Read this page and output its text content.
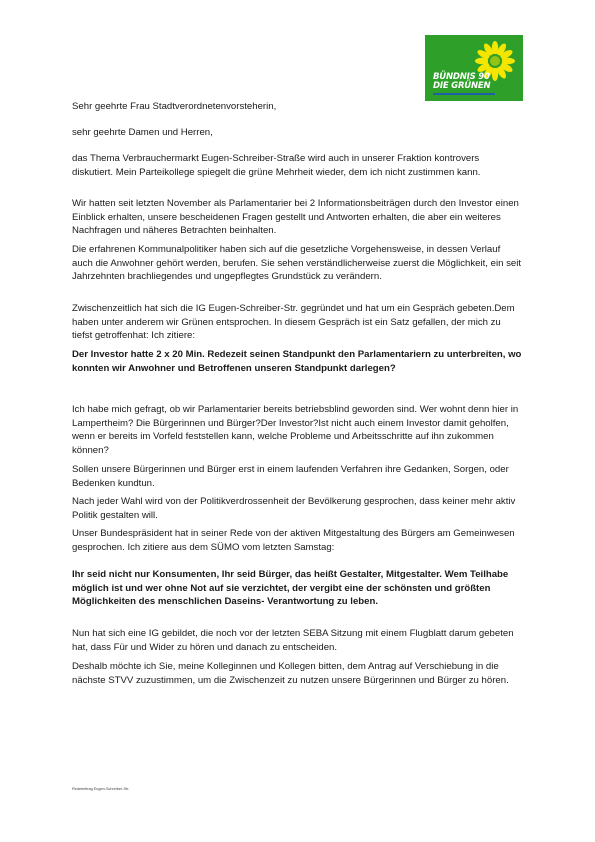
BÜNDNIS 90
DIE GRÜNEN

Sehr geehrte Frau Stadtverordnetenvorsteherin,

sehr geehrte Damen und Herren,

das Thema Verbrauchermarkt Eugen-Schreiber-Straße wird auch in unserer Fraktion kontrovers diskutiert. Mein Parteikollege spiegelt die grüne Mehrheit wieder, dem ich nicht zustimmen kann.

Wir hatten seit letzten November als Parlamentarier bei 2 Informationsbeiträgen durch den Investor einen Einblick erhalten, unsere bescheidenen Fragen gestellt und Antworten erhalten, die aber ein weiteres Nachfragen und näheres Betrachten beinhalten.

Die erfahrenen Kommunalpolitiker haben sich auf die gesetzliche Vorgehensweise, in dessen Verlauf auch die Anwohner gehört werden, berufen. Sie sehen verständlicherweise zuerst die Möglichkeit, ein seit Jahrzehnten brachliegendes und ungepflegtes Grundstück zu verändern.

Zwischenzeitlich hat sich die IG Eugen-Schreiber-Str. gegründet und hat um ein Gespräch gebeten.Dem haben unter anderem wir Grünen entsprochen. In diesem Gespräch ist ein Satz gefallen, der mich zu tiefst getroffenhat: Ich zitiere:

Der Investor hatte 2 x 20 Min. Redezeit seinen Standpunkt den Parlamentariern zu unterbreiten, wo konnten wir Anwohner und Betroffenen unseren Standpunkt darlegen?

Ich habe mich gefragt, ob wir Parlamentarier bereits betriebsblind geworden sind. Wer wohnt denn hier in Lampertheim? Die Bürgerinnen und Bürger?Der Investor?Ist nicht auch einem Investor damit geholfen, wenn er bereits im Vorfeld feststellen kann, welche Probleme und Arbeitsschritte auf ihn zukommen können?

Sollen unsere Bürgerinnen und Bürger erst in einem laufenden Verfahren ihre Gedanken, Sorgen, oder Bedenken kundtun.

Nach jeder Wahl wird von der Politikverdrossenheit der Bevölkerung gesprochen, dass keiner mehr aktiv Politik gestalten will.

Unser Bundespräsident hat in seiner Rede von der aktiven Mitgestaltung des Bürgers am Gemeinwesen gesprochen. Ich zitiere aus dem SÜMO vom letzten Samstag:

Ihr seid nicht nur Konsumenten, Ihr seid Bürger, das heißt Gestalter, Mitgestalter. Wem Teilhabe möglich ist und wer ohne Not auf sie verzichtet, der vergibt eine der schönsten und größten Möglichkeiten des menschlichen Daseins- Verantwortung zu leben.

Nun hat sich eine IG gebildet, die noch vor der letzten SEBA Sitzung mit einem Flugblatt darum gebeten hat, dass Für und Wider zu hören und danach zu entscheiden.

Deshalb möchte ich Sie, meine Kolleginnen und Kollegen bitten, dem Antrag auf Verschiebung in die nächste STVV zuzustimmen, um die Zwischenzeit zu nutzen unsere Bürgerinnen und Bürger zu hören.

Redebeitrag Eugen-Schreiber-Str.
